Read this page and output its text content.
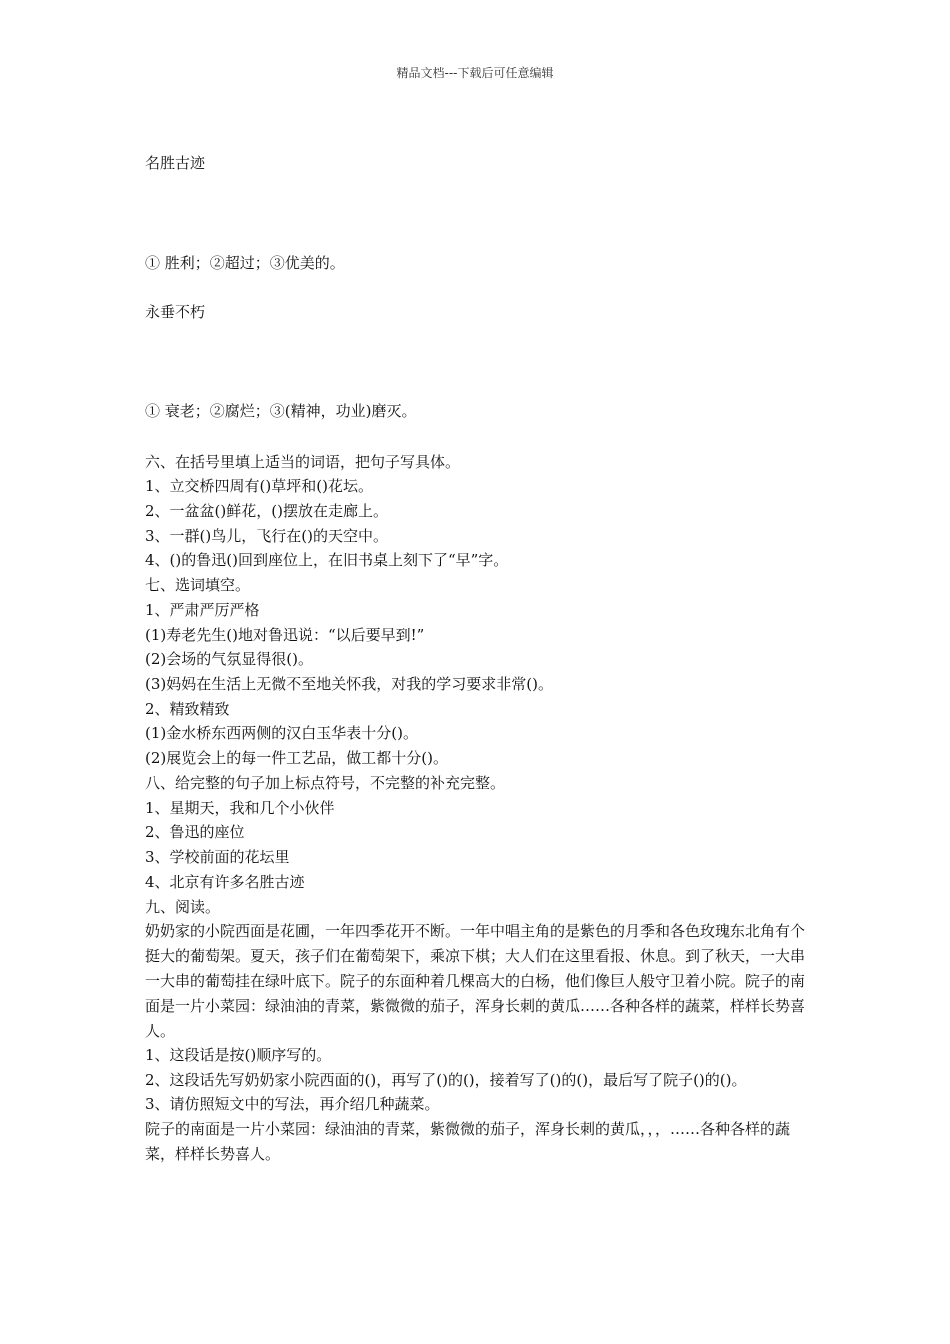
精品文档---下载后可任意编辑
名胜古迹
① 胜利；②超过；③优美的。
永垂不朽
① 衰老；②腐烂；③(精神，功业)磨灭。
六、在括号里填上适当的词语，把句子写具体。
1、立交桥四周有()草坪和()花坛。
2、一盆盆()鲜花，()摆放在走廊上。
3、一群()鸟儿，飞行在()的天空中。
4、()的鲁迅()回到座位上，在旧书桌上刻下了“早”字。
七、选词填空。
1、严肃严厉严格
(1)寿老先生()地对鲁迅说：“以后要早到!”
(2)会场的气氛显得很()。
(3)妈妈在生活上无微不至地关怀我，对我的学习要求非常()。
2、精致精致
(1)金水桥东西两侧的汉白玉华表十分()。
(2)展览会上的每一件工艺品，做工都十分()。
八、给完整的句子加上标点符号，不完整的补充完整。
1、星期天，我和几个小伙伴
2、鲁迅的座位
3、学校前面的花坛里
4、北京有许多名胜古迹
九、阅读。
奶奶家的小院西面是花圃，一年四季花开不断。一年中唱主角的是紫色的月季和各色玫瑰东北角有个挺大的葡萄架。夏天，孩子们在葡萄架下，乘凉下棋；大人们在这里看报、休息。到了秋天，一大串一大串的葡萄挂在绿叶底下。院子的东面种着几棵高大的白杨，他们像巨人般守卫着小院。院子的南面是一片小菜园：绿油油的青菜，紫微微的茄子，浑身长刺的黄瓜……各种各样的蔬菜，样样长势喜人。
1、这段话是按()顺序写的。
2、这段话先写奶奶家小院西面的()，再写了()的()，接着写了()的()，最后写了院子()的()。
3、请仿照短文中的写法，再介绍几种蔬菜。
院子的南面是一片小菜园：绿油油的青菜，紫微微的茄子，浑身长刺的黄瓜，，，……各种各样的蔬菜，样样长势喜人。
